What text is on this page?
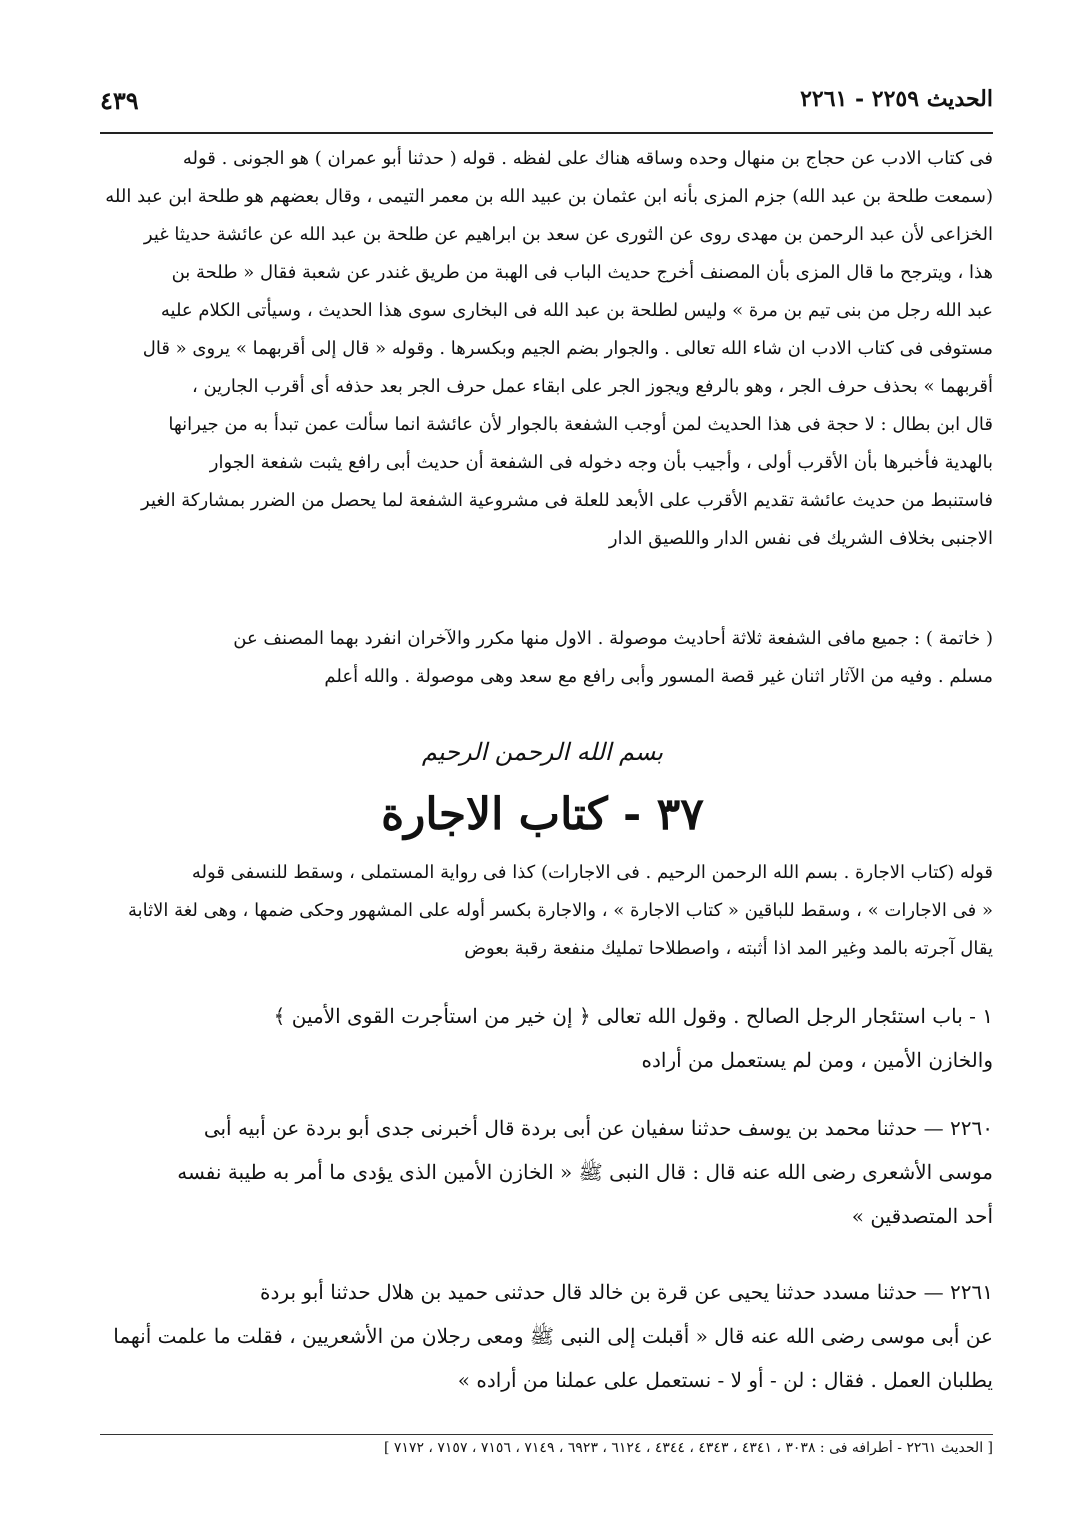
الحديث ٢٢٥٩ - ٢٢٦١
٤٣٩
فى كتاب الادب عن حجاج بن منهال وحده وساقه هناك على لفظه . قوله ( حدثنا أبو عمران ) هو الجونى . قوله
(سمعت طلحة بن عبد الله) جزم المزى بأنه ابن عثمان بن عبيد الله بن معمر التيمى ، وقال بعضهم هو طلحة ابن عبد الله
الخزاعى لأن عبد الرحمن بن مهدى روى عن الثورى عن سعد بن ابراهيم عن طلحة بن عبد الله عن عائشة حديثا غير
هذا ، ويترجح ما قال المزى بأن المصنف أخرج حديث الباب فى الهبة من طريق غندر عن شعبة فقال « طلحة بن
عبد الله رجل من بنى تيم بن مرة » وليس لطلحة بن عبد الله فى البخارى سوى هذا الحديث ، وسيأتى الكلام عليه
مستوفى فى كتاب الادب ان شاء الله تعالى . والجوار بضم الجيم وبكسرها . وقوله « قال إلى أقربهما » يروى « قال
أقربهما » بحذف حرف الجر ، وهو بالرفع ويجوز الجر على ابقاء عمل حرف الجر بعد حذفه أى أقرب الجارين ،
قال ابن بطال : لا حجة فى هذا الحديث لمن أوجب الشفعة بالجوار لأن عائشة انما سألت عمن تبدأ به من جيرانها
بالهدية فأخبرها بأن الأقرب أولى ، وأجيب بأن وجه دخوله فى الشفعة أن حديث أبى رافع يثبت شفعة الجوار
فاستنبط من حديث عائشة تقديم الأقرب على الأبعد للعلة فى مشروعية الشفعة لما يحصل من الضرر بمشاركة الغير
الاجنبى بخلاف الشريك فى نفس الدار واللصيق الدار
( خاتمة ) : جميع مافى الشفعة ثلاثة أحاديث موصولة . الاول منها مكرر والآخران انفرد بهما المصنف عن
مسلم . وفيه من الآثار اثنان غير قصة المسور وأبى رافع مع سعد وهى موصولة . والله أعلم
بسم الله الرحمن الرحيم
٣٧ - كتاب الاجارة
قوله (كتاب الاجارة . بسم الله الرحمن الرحيم . فى الاجارات) كذا فى رواية المستملى ، وسقط للنسفى قوله
« فى الاجارات » ، وسقط للباقين « كتاب الاجارة » ، والاجارة بكسر أوله على المشهور وحكى ضمها ، وهى لغة الاثابة
يقال آجرته بالمد وغير المد اذا أثبته ، واصطلاحا تمليك منفعة رقبة بعوض
١ - باب استئجار الرجل الصالح . وقول الله تعالى ﴿ إن خير من استأجرت القوى الأمين ﴾
والخازن الأمين ، ومن لم يستعمل من أراده
٢٢٦٠ — حدثنا محمد بن يوسف حدثنا سفيان عن أبى بردة قال أخبرنى جدى أبو بردة عن أبيه أبى
موسى الأشعرى رضى الله عنه قال : قال النبى ﷺ « الخازن الأمين الذى يؤدى ما أمر به طيبة نفسه
أحد المتصدقين »
٢٢٦١ — حدثنا مسدد حدثنا يحيى عن قرة بن خالد قال حدثنى حميد بن هلال حدثنا أبو بردة
عن أبى موسى رضى الله عنه قال « أقبلت إلى النبى ﷺ ومعى رجلان من الأشعريين ، فقلت ما علمت أنهما
يطلبان العمل . فقال : لن - أو لا - نستعمل على عملنا من أراده »
[ الحديث ٢٢٦١ - أطرافه فى : ٣٠٣٨ ، ٤٣٤١ ، ٤٣٤٣ ، ٤٣٤٤ ، ٦١٢٤ ، ٦٩٢٣ ، ٧١٤٩ ، ٧١٥٦ ، ٧١٥٧ ، ٧١٧٢ ]
